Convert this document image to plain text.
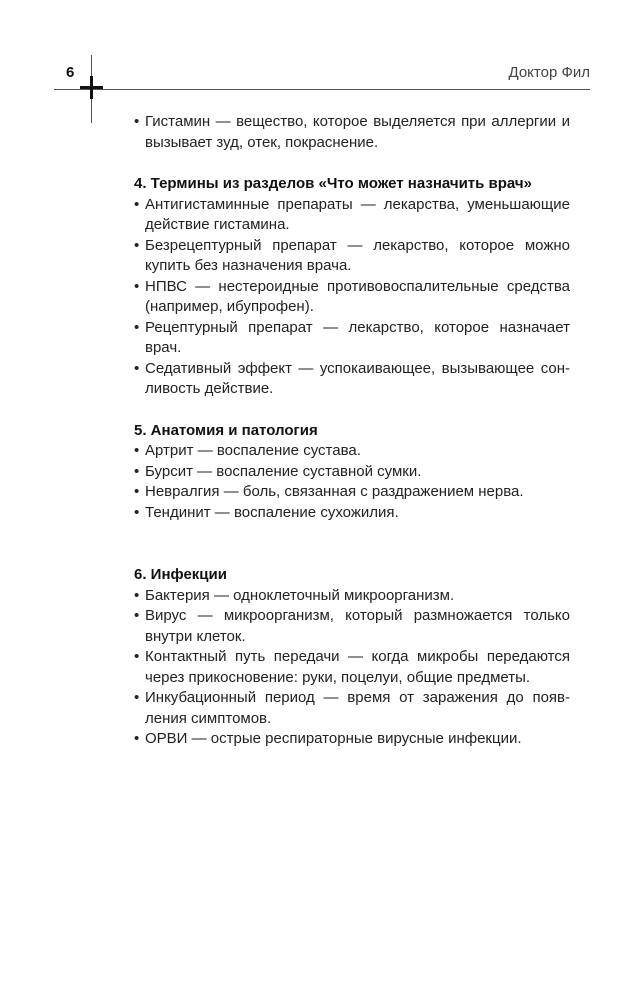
6	Доктор Фил
• Гистамин — вещество, которое выделяется при аллергии и вызывает зуд, отек, покраснение.
4. Термины из разделов «Что может назначить врач»
• Антигистаминные препараты — лекарства, уменьшающие действие гистамина.
• Безрецептурный препарат — лекарство, которое можно купить без назначения врача.
• НПВС — нестероидные противовоспалительные средства (например, ибупрофен).
• Рецептурный препарат — лекарство, которое назначает врач.
• Седативный эффект — успокаивающее, вызывающее сонливость действие.
5. Анатомия и патология
• Артрит — воспаление сустава.
• Бурсит — воспаление суставной сумки.
• Невралгия — боль, связанная с раздражением нерва.
• Тендинит — воспаление сухожилия.
6. Инфекции
• Бактерия — одноклеточный микроорганизм.
• Вирус — микроорганизм, который размножается только внутри клеток.
• Контактный путь передачи — когда микробы передаются через прикосновение: руки, поцелуи, общие предметы.
• Инкубационный период — время от заражения до появления симптомов.
• ОРВИ — острые респираторные вирусные инфекции.
